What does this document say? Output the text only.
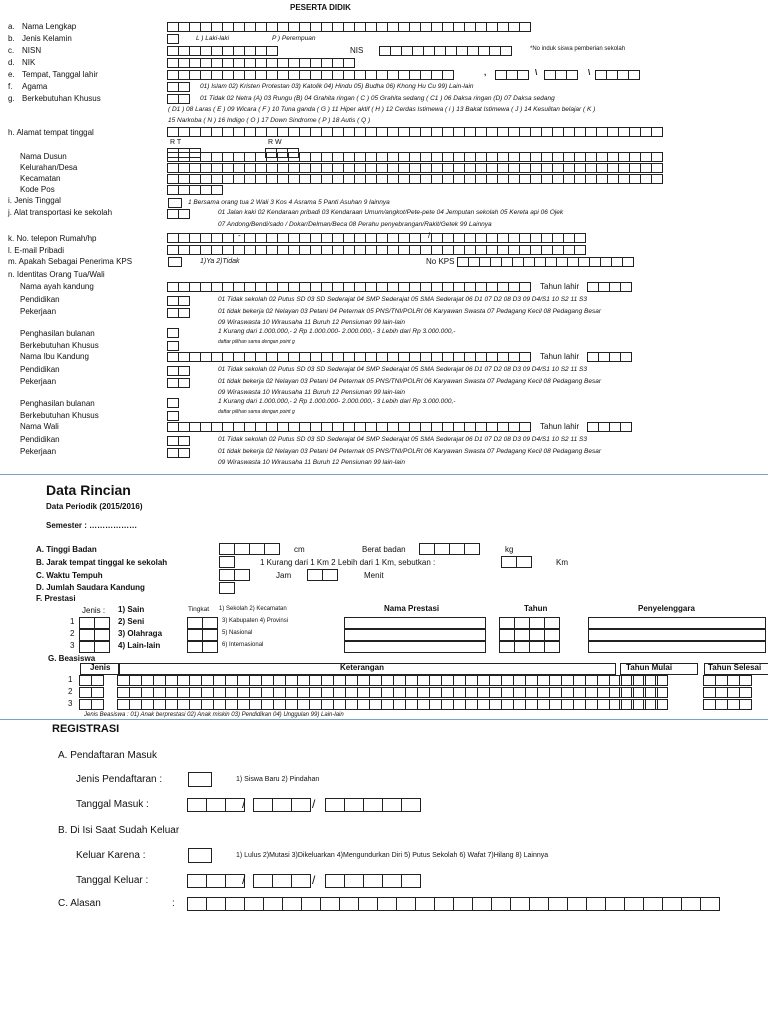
PESERTA DIDIK
a. Nama Lengkap
b. Jenis Kelamin
c. NISN
d. NIK
e. Tempat, Tanggal lahir
f. Agama
g. Berkebutuhan Khusus
L ) Laki-laki	P ) Perempuan
NIS	*No induk siswa pemberian sekolah
,	\	\
01) Islam 02) Kristen Protestan 03) Katolik 04) Hindu 05) Budha 06) Khong Hu Cu 99) Lain-lain
01 Tidak 02 Netra (A) 03 Rungu (B) 04 Grahita ringan ( C ) 05 Grahita sedang ( C1 ) 06 Daksa ringan (D) 07 Daksa sedang
( D1 ) 08 Laras ( E ) 09 Wicara ( F ) 10 Tuna ganda ( G ) 11 Hiper aktif ( H ) 12 Cerdas Istimewa ( i ) 13 Bakat Istimewa ( J ) 14 Kesulitan belajar ( K )
15 Narkoba ( N ) 16 Indigo ( O ) 17 Down Sindrome ( P ) 18 Autis ( Q )
h. Alamat tempat tinggal
R T	R W
Nama Dusun
Kelurahan/Desa
Kecamatan
Kode Pos
i. Jenis Tinggal	1 Bersama orang tua 2 Wali 3 Kos 4 Asrama 5 Panti Asuhan 9 lainnya
j. Alat transportasi ke sekolah	01 Jalan kaki 02 Kendaraan pribadi 03 Kendaraan Umum/angkot/Pete-pete 04 Jemputan sekolah 05 Kereta api 06 Ojek
07 Andong/Bendi/sado / Dokar/Delman/Beca 08 Perahu penyebrangan/Rakit/Getek 99 Lainnya
k. No. telepon Rumah/hp	-	/
l. E-mail Pribadi
m. Apakah Sebagai Penerima KPS	1)Ya 2)Tidak	No KPS
n. Identitas Orang Tua/Wali
Nama ayah kandung	Tahun lahir
Pendidikan	01 Tidak sekolah 02 Putus SD 03 SD Sederajat 04 SMP Sederajat 05 SMA Sederajat 06 D1 07 D2 08 D3 09 D4/S1 10 S2 11 S3
Pekerjaan	01 tidak bekerja 02 Nelayan 03 Petani 04 Peternak 05 PNS/TNI/POLRI 06 Karyawan Swasta 07 Pedagang Kecil 08 Pedagang Besar
09 Wiraswasta 10 Wirausaha 11 Buruh 12 Pensiunan 99 lain-lain
Penghasilan bulanan	1 Kurang dari 1.000.000,- 2 Rp 1.000.000- 2.000.000,- 3 Lebih dari Rp 3.000.000,-
daftar pilihan sama dengan point g
Berkebutuhan Khusus
Nama Ibu Kandung	Tahun lahir
Pendidikan	01 Tidak sekolah 02 Putus SD 03 SD Sederajat 04 SMP Sederajat 05 SMA Sederajat 06 D1 07 D2 08 D3 09 D4/S1 10 S2 11 S3
Pekerjaan	01 tidak bekerja 02 Nelayan 03 Petani 04 Peternak 05 PNS/TNI/POLRI 06 Karyawan Swasta 07 Pedagang Kecil 08 Pedagang Besar
09 Wiraswasta 10 Wirausaha 11 Buruh 12 Pensiunan 99 lain-lain
Penghasilan bulanan	1 Kurang dari 1.000.000,- 2 Rp 1.000.000- 2.000.000,- 3 Lebih dari Rp 3.000.000,-
daftar pilihan sama dengan point g
Berkebutuhan Khusus
Nama Wali	Tahun lahir
Pendidikan	01 Tidak sekolah 02 Putus SD 03 SD Sederajat 04 SMP Sederajat 05 SMA Sederajat 06 D1 07 D2 08 D3 09 D4/S1 10 S2 11 S3
Pekerjaan	01 tidak bekerja 02 Nelayan 03 Petani 04 Peternak 05 PNS/TNI/POLRI 06 Karyawan Swasta 07 Pedagang Kecil 08 Pedagang Besar
09 Wiraswasta 10 Wirausaha 11 Buruh 12 Pensiunan 99 lain-lain
Data Rincian
Data Periodik (2015/2016)
Semester : ………………
A. Tinggi Badan	cm	Berat badan	kg
B. Jarak tempat tinggal ke sekolah	1 Kurang dari 1 Km 2 Lebih dari 1 Km, sebutkan :	Km
C. Waktu Tempuh	Jam	Menit
D. Jumlah Saudara Kandung
F. Prestasi
Jenis :	Tingkat	Nama Prestasi	Tahun	Penyelenggara
1) Sain	1) Sekolah 2) Kecamatan
2) Seni	3) Kabupaten 4) Provinsi
3) Olahraga	5) Nasional
4) Lain-lain	6) Internasional
1
2
3
G. Beasiswa
Jenis	Keterangan	Tahun Mulai	Tahun Selesai
1
2
3
Jenis Beasiswa : 01) Anak berprestasi 02) Anak miskin 03) Pendidikan 04) Unggulan 99) Lain-lain
REGISTRASI
A. Pendaftaran Masuk
Jenis Pendaftaran :	1) Siswa Baru 2) Pindahan
Tanggal Masuk :	/	/
B. Di Isi Saat Sudah Keluar
Keluar Karena :	1) Lulus 2)Mutasi 3)Dikeluarkan 4)Mengundurkan Diri 5) Putus Sekolah 6) Wafat 7)Hilang 8) Lainnya
Tanggal Keluar :	/	/
C. Alasan	:
